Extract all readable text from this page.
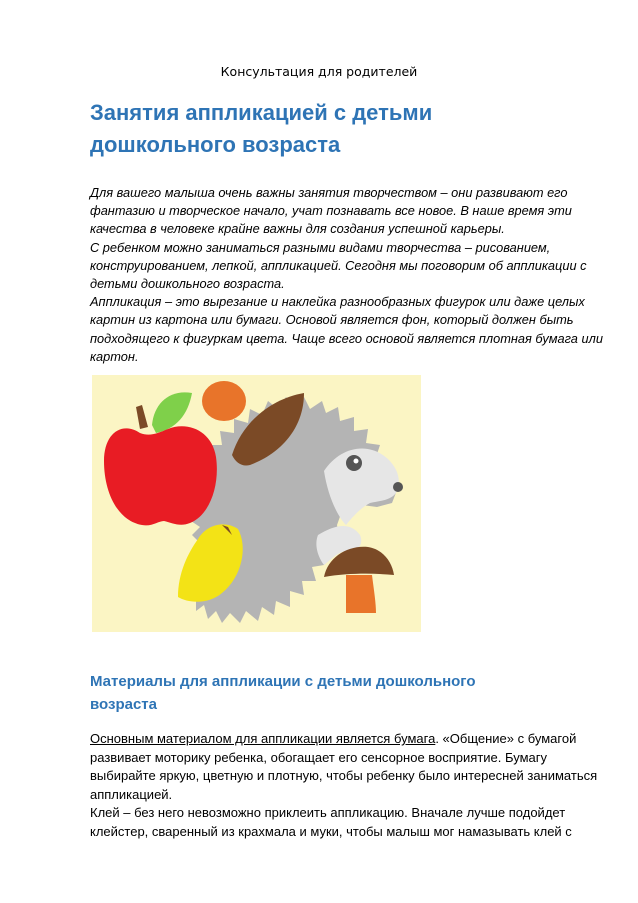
Консультация для родителей
Занятия аппликацией с детьми
дошкольного возраста

Для вашего малыша очень важны занятия творчеством – они развивают его фантазию и творческое начало, учат познавать все новое. В наше время эти качества в человеке крайне важны для создания успешной карьеры.

С ребенком можно заниматься разными видами творчества – рисованием, конструированием, лепкой, аппликацией. Сегодня мы поговорим об аппликации с детьми дошкольного возраста.

Аппликация – это вырезание и наклейка разнообразных фигурок или даже целых картин из картона или бумаги. Основой является фон, который должен быть подходящего к фигуркам цвета. Чаще всего основой является плотная бумага или картон.

Материалы для аппликации с детьми дошкольного
возраста

Основным материалом для аппликации является бумага. «Общение» с бумагой развивает моторику ребенка, обогащает его сенсорное восприятие. Бумагу выбирайте яркую, цветную и плотную, чтобы ребенку было интересней заниматься аппликацией.

Клей – без него невозможно приклеить аппликацию. Вначале лучше подойдет клейстер, сваренный из крахмала и муки, чтобы малыш мог намазывать клей с
